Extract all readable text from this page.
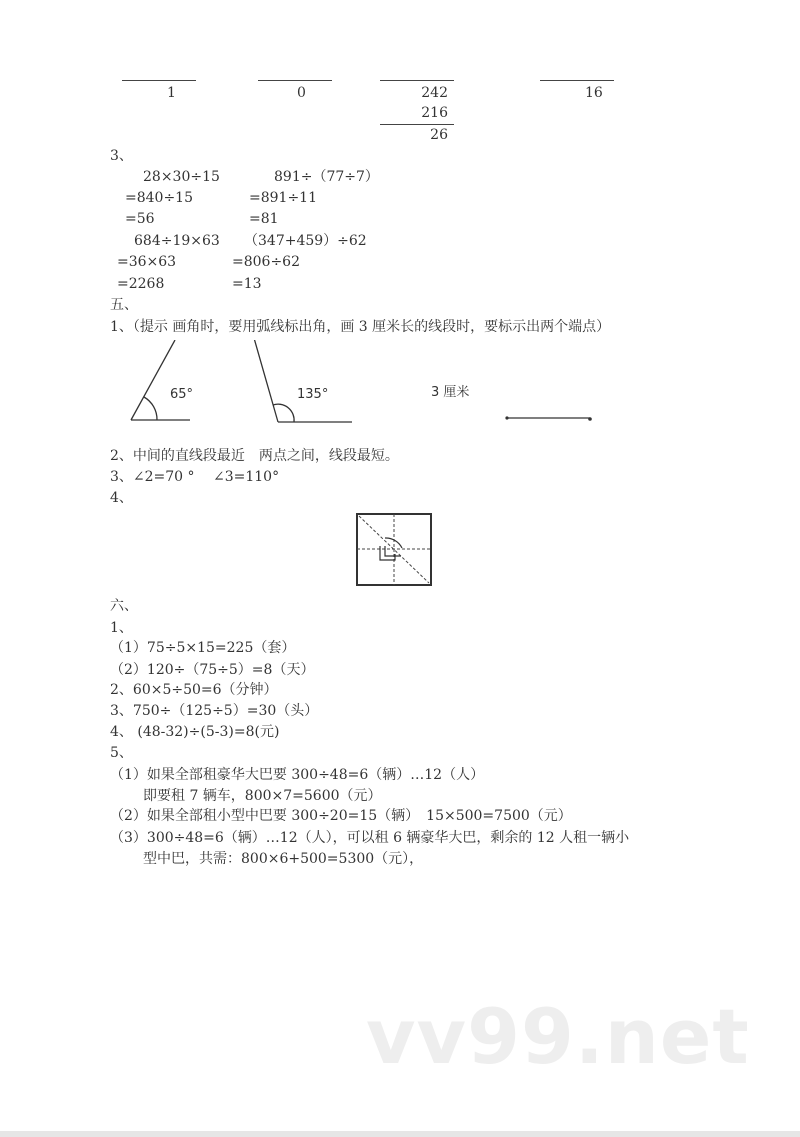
1	0	242	16
216
26
3、
28×30÷15	891÷（77÷7）
=840÷15	=891÷11
=56	=81
684÷19×63 （347+459）÷62
=36×63	=806÷62
=2268	=13
五、
1、（提示 画角时，要用弧线标出角，画 3 厘米长的线段时，要标示出两个端点）
65°	135°	3 厘米
2、中间的直线段最近　两点之间，线段最短。
3、∠2=70 °　 ∠3=110°
4、
六、
1、
（1）75÷5×15=225（套）
（2）120÷（75÷5）=8（天）
2、60×5÷50=6（分钟）
3、750÷（125÷5）=30（头）
4、 (48-32)÷(5-3)=8(元)
5、
（1）如果全部租豪华大巴要 300÷48=6（辆）…12（人）
即要租 7 辆车，800×7=5600（元）
（2）如果全部租小型中巴要 300÷20=15（辆）　15×500=7500（元）
（3）300÷48=6（辆）…12（人），可以租 6 辆豪华大巴，剩余的 12 人租一辆小
型中巴，共需：800×6+500=5300（元），
vv99.net
